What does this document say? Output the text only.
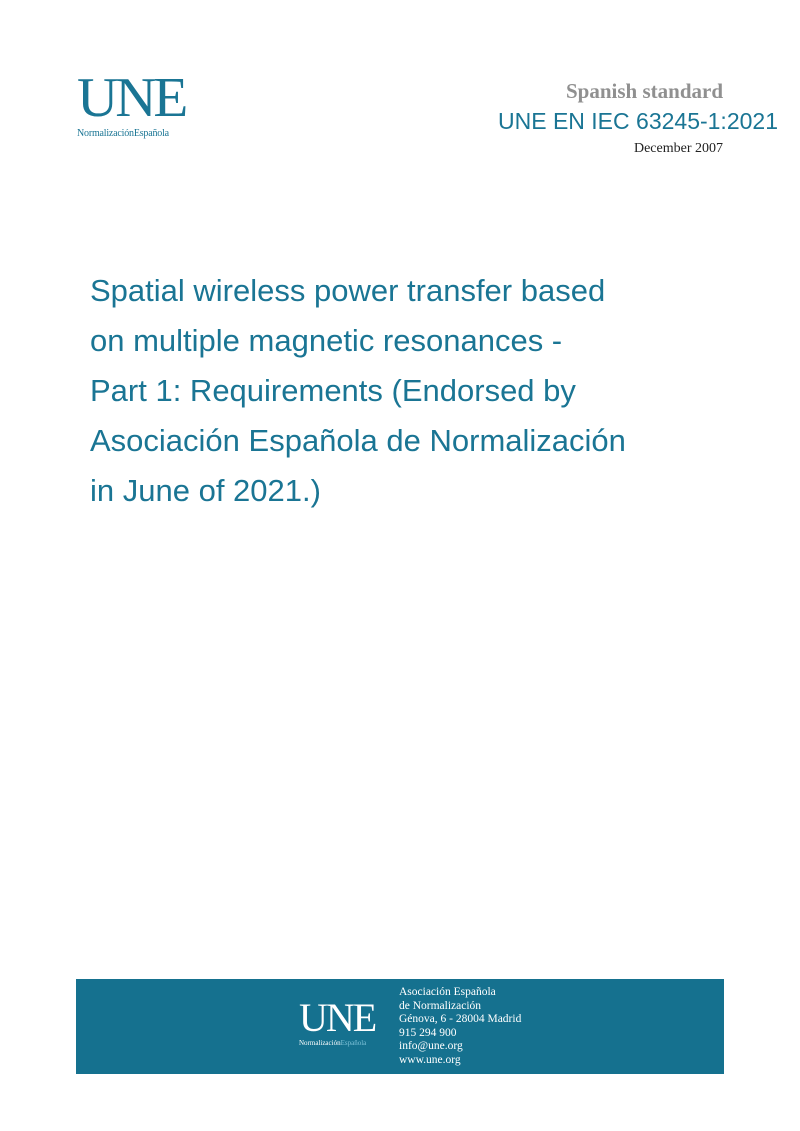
UNE
NormalizaciónEspañola
Spanish standard
UNE EN IEC 63245-1:2021
December 2007
Spatial wireless power transfer based
on multiple magnetic resonances -
Part 1: Requirements (Endorsed by
Asociación Española de Normalización
in June of 2021.)
UNE
NormalizaciónEspañola
Asociación Española
de Normalización
Génova, 6 - 28004 Madrid
915 294 900
info@une.org
www.une.org
